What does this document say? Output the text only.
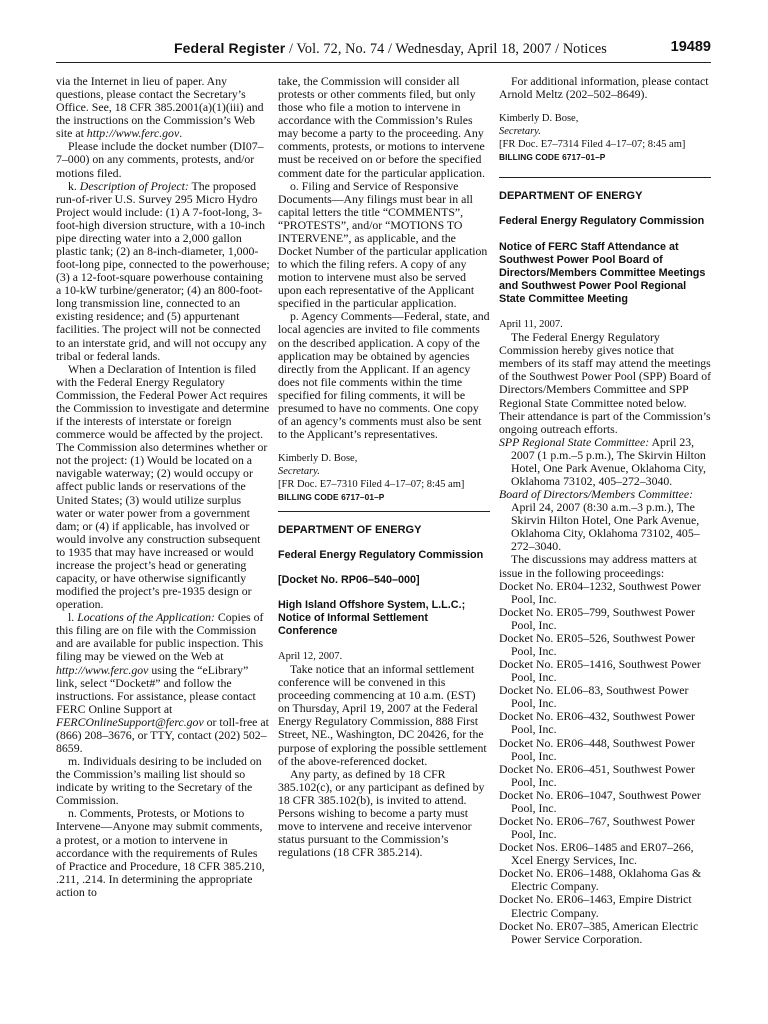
Federal Register / Vol. 72, No. 74 / Wednesday, April 18, 2007 / Notices	19489

via the Internet in lieu of paper. Any questions, please contact the Secretary’s Office. See, 18 CFR 385.2001(a)(1)(iii) and the instructions on the Commission’s Web site at http://www.ferc.gov.

Please include the docket number (DI07–7–000) on any comments, protests, and/or motions filed.

k. Description of Project: The proposed run-of-river U.S. Survey 295 Micro Hydro Project would include: (1) A 7-foot-long, 3-foot-high diversion structure, with a 10-inch pipe directing water into a 2,000 gallon plastic tank; (2) an 8-inch-diameter, 1,000-foot-long pipe, connected to the powerhouse; (3) a 12-foot-square powerhouse containing a 10-kW turbine/generator; (4) an 800-foot-long transmission line, connected to an existing residence; and (5) appurtenant facilities. The project will not be connected to an interstate grid, and will not occupy any tribal or federal lands.

When a Declaration of Intention is filed with the Federal Energy Regulatory Commission, the Federal Power Act requires the Commission to investigate and determine if the interests of interstate or foreign commerce would be affected by the project. The Commission also determines whether or not the project: (1) Would be located on a navigable waterway; (2) would occupy or affect public lands or reservations of the United States; (3) would utilize surplus water or water power from a government dam; or (4) if applicable, has involved or would involve any construction subsequent to 1935 that may have increased or would increase the project’s head or generating capacity, or have otherwise significantly modified the project’s pre-1935 design or operation.

l. Locations of the Application: Copies of this filing are on file with the Commission and are available for public inspection. This filing may be viewed on the Web at http://www.ferc.gov using the “eLibrary” link, select “Docket#” and follow the instructions. For assistance, please contact FERC Online Support at FERCOnlineSupport@ferc.gov or toll-free at (866) 208–3676, or TTY, contact (202) 502–8659.

m. Individuals desiring to be included on the Commission’s mailing list should so indicate by writing to the Secretary of the Commission.

n. Comments, Protests, or Motions to Intervene—Anyone may submit comments, a protest, or a motion to intervene in accordance with the requirements of Rules of Practice and Procedure, 18 CFR 385.210, .211, .214. In determining the appropriate action to

take, the Commission will consider all protests or other comments filed, but only those who file a motion to intervene in accordance with the Commission’s Rules may become a party to the proceeding. Any comments, protests, or motions to intervene must be received on or before the specified comment date for the particular application.

o. Filing and Service of Responsive Documents—Any filings must bear in all capital letters the title “COMMENTS”, “PROTESTS”, and/or “MOTIONS TO INTERVENE”, as applicable, and the Docket Number of the particular application to which the filing refers. A copy of any motion to intervene must also be served upon each representative of the Applicant specified in the particular application.

p. Agency Comments—Federal, state, and local agencies are invited to file comments on the described application. A copy of the application may be obtained by agencies directly from the Applicant. If an agency does not file comments within the time specified for filing comments, it will be presumed to have no comments. One copy of an agency’s comments must also be sent to the Applicant’s representatives.

Kimberly D. Bose,

Secretary.

[FR Doc. E7–7310 Filed 4–17–07; 8:45 am]

BILLING CODE 6717–01–P

DEPARTMENT OF ENERGY

Federal Energy Regulatory Commission

[Docket No. RP06–540–000]

High Island Offshore System, L.L.C.; Notice of Informal Settlement Conference

April 12, 2007.

Take notice that an informal settlement conference will be convened in this proceeding commencing at 10 a.m. (EST) on Thursday, April 19, 2007 at the Federal Energy Regulatory Commission, 888 First Street, NE., Washington, DC 20426, for the purpose of exploring the possible settlement of the above-referenced docket.

Any party, as defined by 18 CFR 385.102(c), or any participant as defined by 18 CFR 385.102(b), is invited to attend. Persons wishing to become a party must move to intervene and receive intervenor status pursuant to the Commission’s regulations (18 CFR 385.214).

For additional information, please contact Arnold Meltz (202–502–8649).

Kimberly D. Bose,

Secretary.

[FR Doc. E7–7314 Filed 4–17–07; 8:45 am]

BILLING CODE 6717–01–P

DEPARTMENT OF ENERGY

Federal Energy Regulatory Commission

Notice of FERC Staff Attendance at Southwest Power Pool Board of Directors/Members Committee Meetings and Southwest Power Pool Regional State Committee Meeting

April 11, 2007.

The Federal Energy Regulatory Commission hereby gives notice that members of its staff may attend the meetings of the Southwest Power Pool (SPP) Board of Directors/Members Committee and SPP Regional State Committee noted below. Their attendance is part of the Commission’s ongoing outreach efforts.

SPP Regional State Committee: April 23, 2007 (1 p.m.–5 p.m.), The Skirvin Hilton Hotel, One Park Avenue, Oklahoma City, Oklahoma 73102, 405–272–3040.

Board of Directors/Members Committee: April 24, 2007 (8:30 a.m.–3 p.m.), The Skirvin Hilton Hotel, One Park Avenue, Oklahoma City, Oklahoma 73102, 405–272–3040.

The discussions may address matters at issue in the following proceedings:

Docket No. ER04–1232, Southwest Power Pool, Inc.

Docket No. ER05–799, Southwest Power Pool, Inc.

Docket No. ER05–526, Southwest Power Pool, Inc.

Docket No. ER05–1416, Southwest Power Pool, Inc.

Docket No. EL06–83, Southwest Power Pool, Inc.

Docket No. ER06–432, Southwest Power Pool, Inc.

Docket No. ER06–448, Southwest Power Pool, Inc.

Docket No. ER06–451, Southwest Power Pool, Inc.

Docket No. ER06–1047, Southwest Power Pool, Inc.

Docket No. ER06–767, Southwest Power Pool, Inc.

Docket Nos. ER06–1485 and ER07–266, Xcel Energy Services, Inc.

Docket No. ER06–1488, Oklahoma Gas & Electric Company.

Docket No. ER06–1463, Empire District Electric Company.

Docket No. ER07–385, American Electric Power Service Corporation.
